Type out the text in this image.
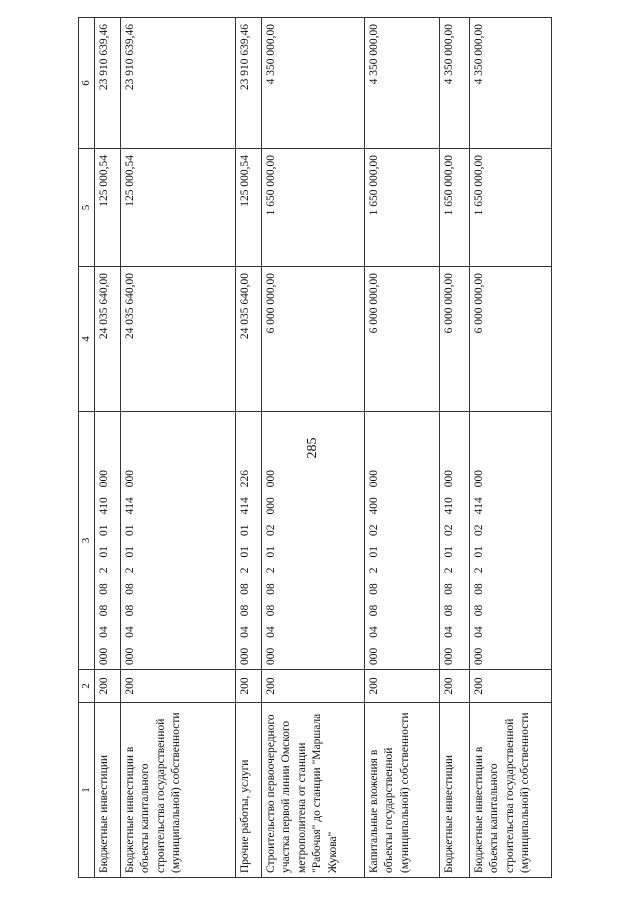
285
1	2	3	4	5	6
Бюджетные инвестиции	200	00004080820101410000	24 035 640,00	125 000,54	23 910 639,46
Бюджетные инвестиции в объекты капитального строительства государственной (муниципальной) собственности	200	00004080820101414000	24 035 640,00	125 000,54	23 910 639,46
Прочие работы, услуги	200	00004080820101414226	24 035 640,00	125 000,54	23 910 639,46
Строительство первоочередного участка первой линии Омского метрополитена от станции "Рабочая" до станции "Маршала Жукова"	200	00004080820102000000	6 000 000,00	1 650 000,00	4 350 000,00
Капитальные вложения в объекты государственной (муниципальной) собственности	200	00004080820102400000	6 000 000,00	1 650 000,00	4 350 000,00
Бюджетные инвестиции	200	00004080820102410000	6 000 000,00	1 650 000,00	4 350 000,00
Бюджетные инвестиции в объекты капитального строительства государственной (муниципальной) собственности	200	00004080820102414000	6 000 000,00	1 650 000,00	4 350 000,00
